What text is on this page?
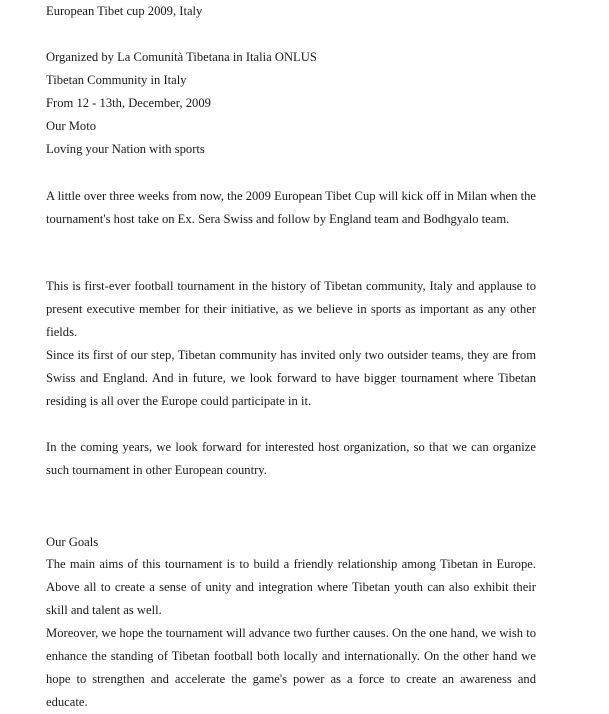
European Tibet cup 2009, Italy
Organized by La Comunità Tibetana in Italia ONLUS
Tibetan Community in Italy
From 12 - 13th, December, 2009
Our Moto
Loving your Nation with sports
A little over three weeks from now, the 2009 European Tibet Cup will kick off in Milan when the tournament's host take on Ex. Sera Swiss and follow by England team and Bodhgyalo team.
This is first-ever football tournament in the history of Tibetan community, Italy and applause to present executive member for their initiative, as we believe in sports as important as any other fields.
Since its first of our step, Tibetan community has invited only two outsider teams, they are from Swiss and England. And in future, we look forward to have bigger tournament where Tibetan residing is all over the Europe could participate in it.
In the coming years, we look forward for interested host organization, so that we can organize such tournament in other European country.
Our Goals
The main aims of this tournament is to build a friendly relationship among Tibetan in Europe. Above all to create a sense of unity and integration where Tibetan youth can also exhibit their skill and talent as well.
Moreover, we hope the tournament will advance two further causes. On the one hand, we wish to enhance the standing of Tibetan football both locally and internationally. On the other hand we hope to strengthen and accelerate the game's power as a force to create an awareness and educate.
